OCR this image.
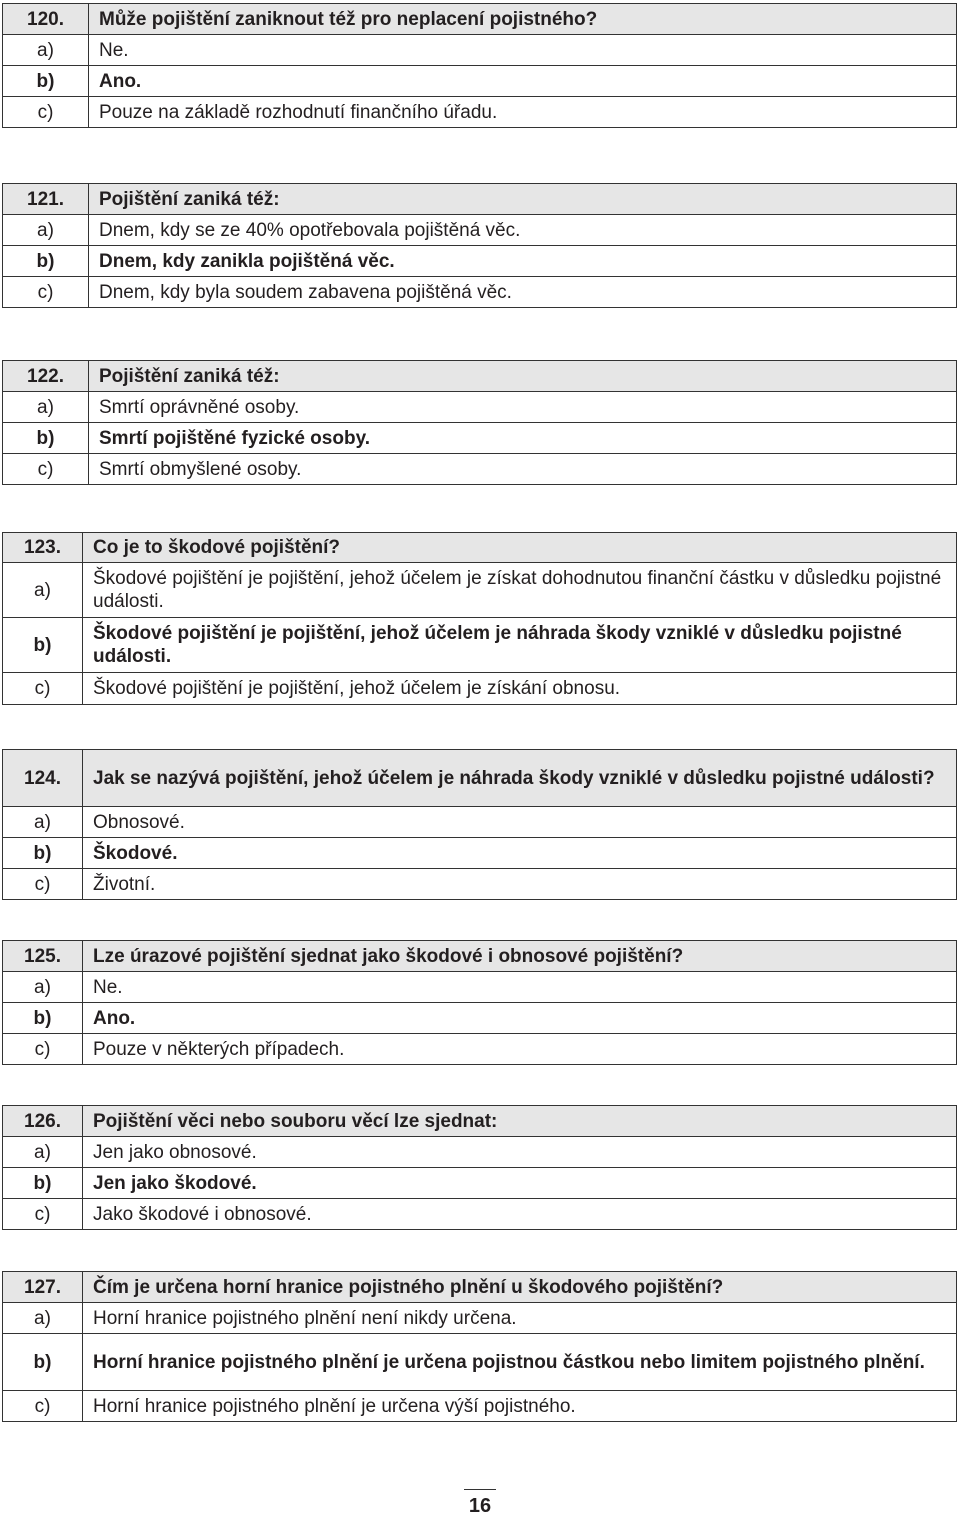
120.	Může pojištění zaniknout též pro neplacení pojistného?
a)	Ne.
b)	Ano.
c)	Pouze na základě rozhodnutí finančního úřadu.
121.	Pojištění zaniká též:
a)	Dnem, kdy se ze 40% opotřebovala pojištěná věc.
b)	Dnem, kdy zanikla pojištěná věc.
c)	Dnem, kdy byla soudem zabavena pojištěná věc.
122.	Pojištění zaniká též:
a)	Smrtí oprávněné osoby.
b)	Smrtí pojištěné fyzické osoby.
c)	Smrtí obmyšlené osoby.
123.	Co je to škodové pojištění?
a)	Škodové pojištění je pojištění, jehož účelem je získat dohodnutou finanční částku v důsledku pojistné události.
b)	Škodové pojištění je pojištění, jehož účelem je náhrada škody vzniklé v důsledku pojistné události.
c)	Škodové pojištění je pojištění, jehož účelem je získání obnosu.
124.	Jak se nazývá pojištění, jehož účelem je náhrada škody vzniklé v důsledku pojistné události?
a)	Obnosové.
b)	Škodové.
c)	Životní.
125.	Lze úrazové pojištění sjednat jako škodové i obnosové pojištění?
a)	Ne.
b)	Ano.
c)	Pouze v některých případech.
126.	Pojištění věci nebo souboru věcí lze sjednat:
a)	Jen jako obnosové.
b)	Jen jako škodové.
c)	Jako škodové i obnosové.
127.	Čím je určena horní hranice pojistného plnění u škodového pojištění?
a)	Horní hranice pojistného plnění není nikdy určena.
b)	Horní hranice pojistného plnění je určena pojistnou částkou nebo limitem pojistného plnění.
c)	Horní hranice pojistného plnění je určena výší pojistného.
16
